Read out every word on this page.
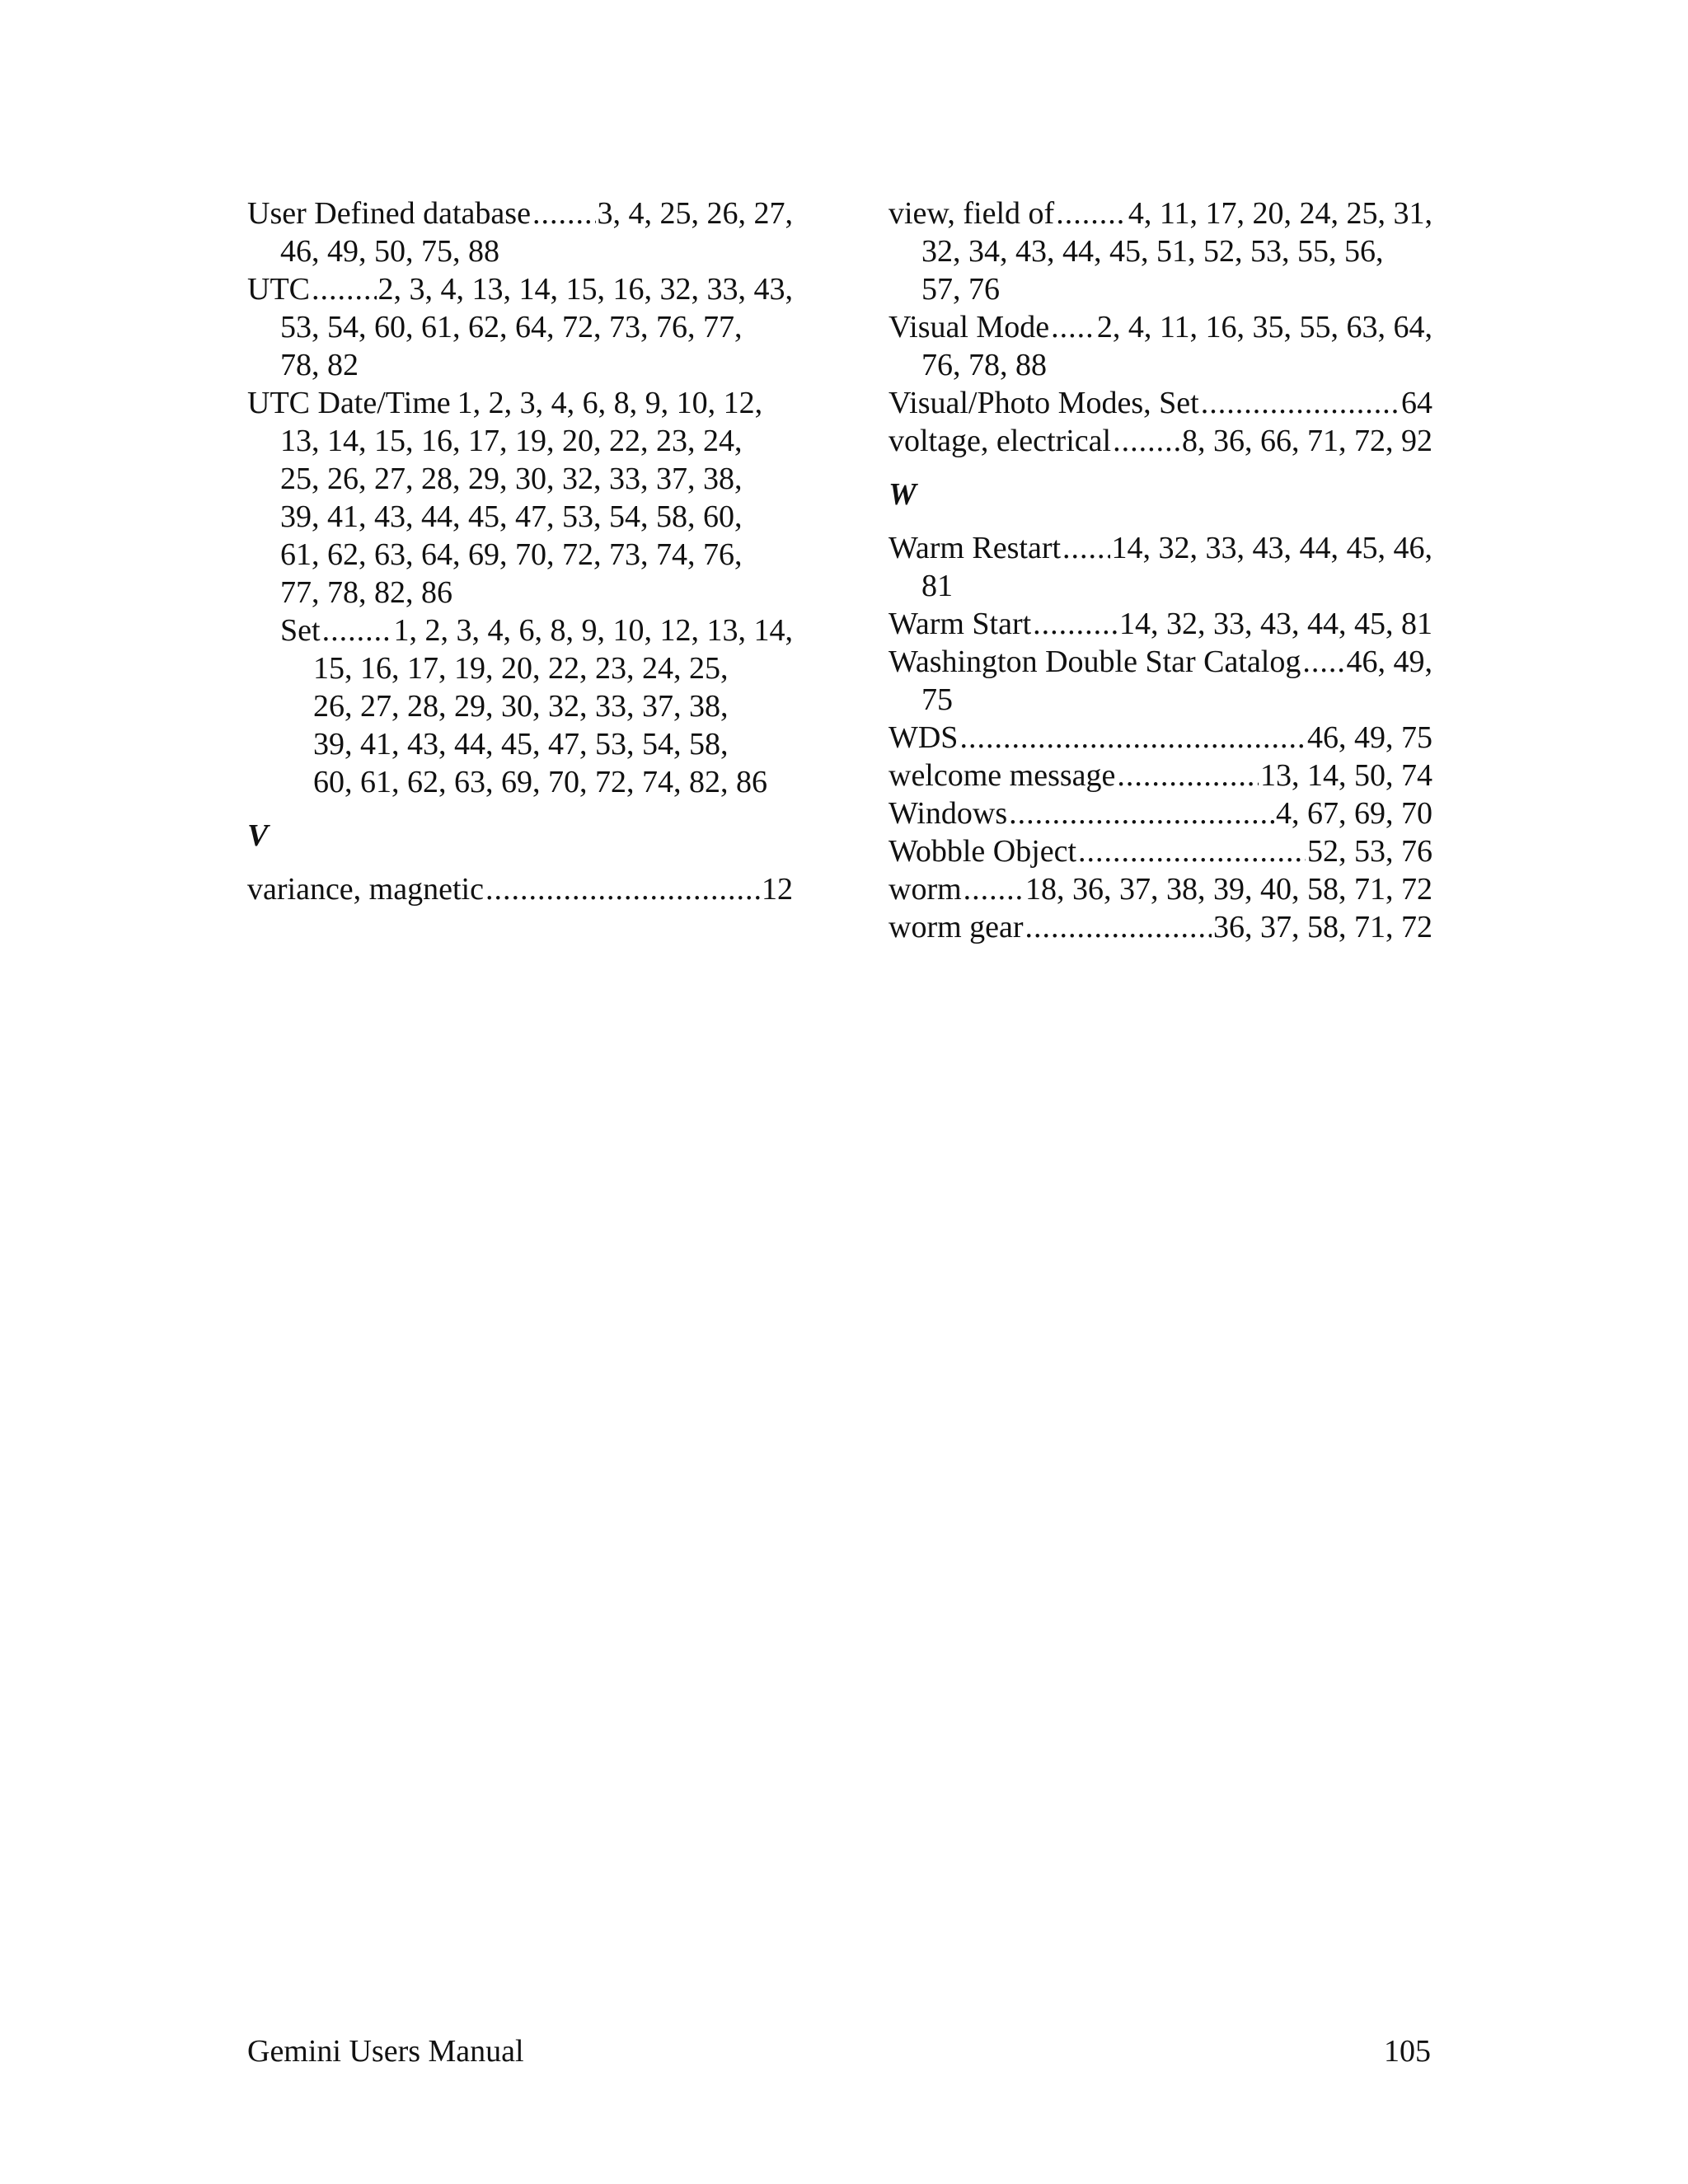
User Defined database ..... 3, 4, 25, 26, 27,
46, 49, 50, 75, 88
UTC ..... 2, 3, 4, 13, 14, 15, 16, 32, 33, 43,
53, 54, 60, 61, 62, 64, 72, 73, 76, 77,
78, 82
UTC Date/Time 1, 2, 3, 4, 6, 8, 9, 10, 12,
13, 14, 15, 16, 17, 19, 20, 22, 23, 24,
25, 26, 27, 28, 29, 30, 32, 33, 37, 38,
39, 41, 43, 44, 45, 47, 53, 54, 58, 60,
61, 62, 63, 64, 69, 70, 72, 73, 74, 76,
77, 78, 82, 86
Set ..... 1, 2, 3, 4, 6, 8, 9, 10, 12, 13, 14,
15, 16, 17, 19, 20, 22, 23, 24, 25,
26, 27, 28, 29, 30, 32, 33, 37, 38,
39, 41, 43, 44, 45, 47, 53, 54, 58,
60, 61, 62, 63, 69, 70, 72, 74, 82, 86
V
variance, magnetic .....	12
view, field of ..... 4, 11, 17, 20, 24, 25, 31,
32, 34, 43, 44, 45, 51, 52, 53, 55, 56,
57, 76
Visual Mode ..... 2, 4, 11, 16, 35, 55, 63, 64,
76, 78, 88
Visual/Photo Modes, Set .....	64
voltage, electrical ..... 8, 36, 66, 71, 72, 92
W
Warm Restart ..... 14, 32, 33, 43, 44, 45, 46,
81
Warm Start .....	14, 32, 33, 43, 44, 45, 81
Washington Double Star Catalog ..... 46, 49,
75
WDS .....	46, 49, 75
welcome message .....	13, 14, 50, 74
Windows .....	4, 67, 69, 70
Wobble Object .....	52, 53, 76
worm ..... 18, 36, 37, 38, 39, 40, 58, 71, 72
worm gear .....	36, 37, 58, 71, 72
Gemini Users Manual	105
